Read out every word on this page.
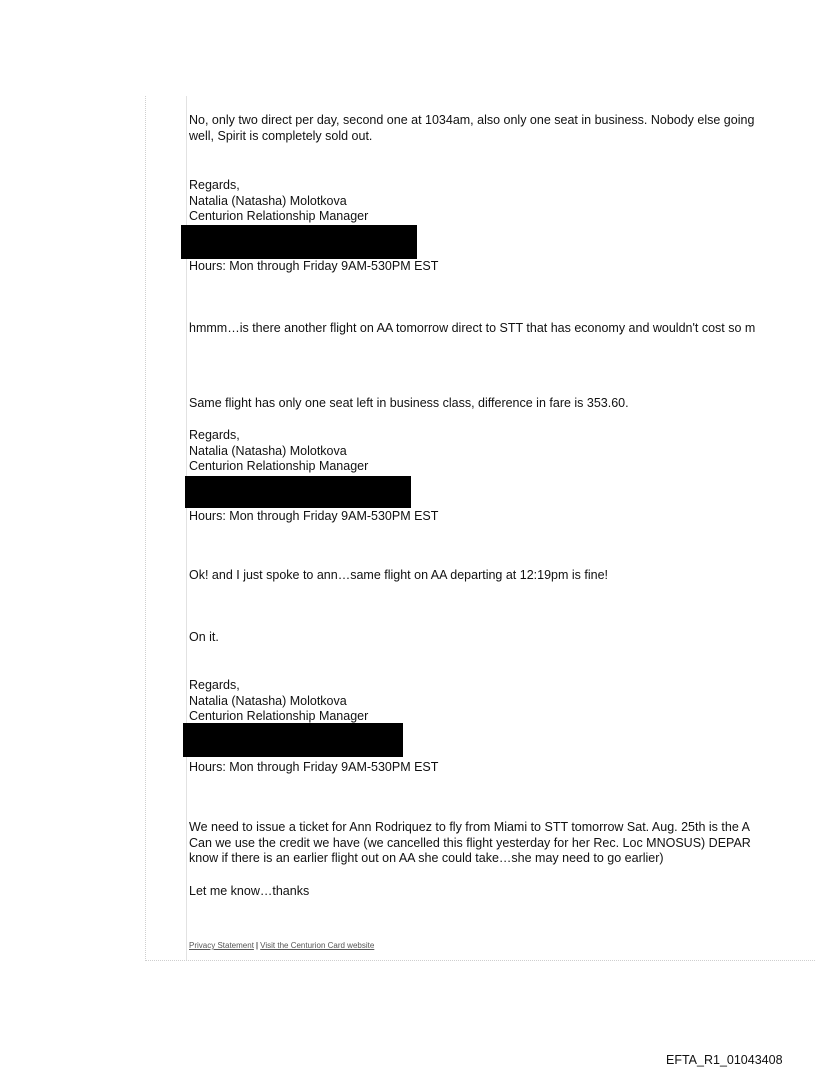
No, only two direct per day, second one at 1034am, also only one seat in business. Nobody else going
well, Spirit is completely sold out.
Regards,
Natalia (Natasha) Molotkova
Centurion Relationship Manager
Hours: Mon through Friday 9AM-530PM EST
hmmm…is there another flight on AA tomorrow direct to STT that has economy and wouldn't cost so m
Same flight has only one seat left in business class, difference in fare is 353.60.
Regards,
Natalia (Natasha) Molotkova
Centurion Relationship Manager
Hours: Mon through Friday 9AM-530PM EST
Ok! and I just spoke to ann…same flight on AA departing at 12:19pm is fine!
On it.
Regards,
Natalia (Natasha) Molotkova
Centurion Relationship Manager
Hours: Mon through Friday 9AM-530PM EST
We need to issue a ticket for Ann Rodriquez to fly from Miami to STT tomorrow Sat. Aug. 25th is the A
Can we use the credit we have (we cancelled this flight yesterday for her Rec. Loc MNOSUS) DEPAR
know if there is an earlier flight out on AA she could take…she may need to go earlier)
Let me know…thanks
Privacy Statement | Visit the Centurion Card website
EFTA_R1_01043408
